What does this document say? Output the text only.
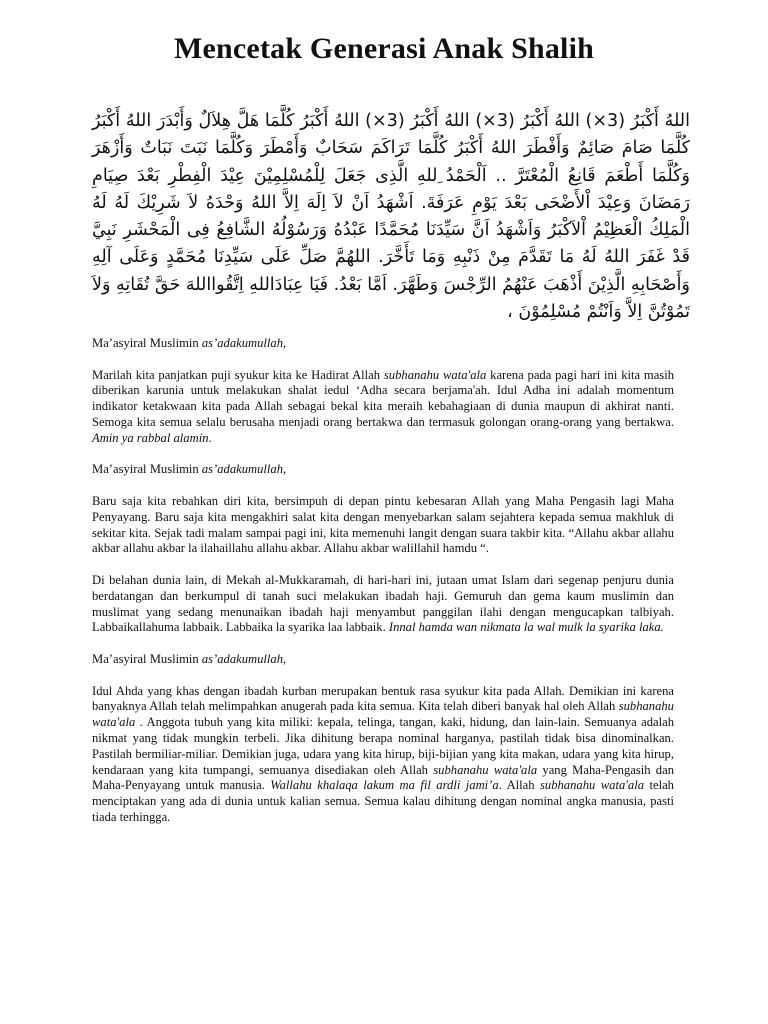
Mencetak Generasi Anak Shalih
اللهُ أَكْبَرُ (3×) اللهُ أَكْبَرُ (3×) اللهُ أَكْبَرُ (3×) اللهُ أَكْبَرُ كُلَّمَا هَلَّ هِلاَلٌ وَأَبْدَرَ اللهُ أَكْبَرُ كُلَّمَا صَامَ صَائِمٌ وَأَفْطَرَ اللهُ أَكْبَرُ كُلَّمَا تَرَاكَمَ سَحَابٌ وَأَمْطَرَ وَكُلَّمَا نَبَتَ نَبَاتٌ وَأَزْهَرَ وَكُلَّمَا أَطْعَمَ قَانِعُ الْمُعْتَرَّ .. اَلْحَمْدُ ِللهِ الَّذِى جَعَلَ لِلْمُسْلِمِيْنَ عِيْدَ الْفِطْرِ بَعْدَ صِيَامِ رَمَضَانَ وَعِيْدَ اْلأَضْحَى بَعْدَ يَوْمِ عَرَفَةَ. اَشْهَدُ اَنْ لاَ اِلَهَ اِلاَّ اللهُ وَحْدَهُ لاَ شَرِيْكَ لَهُ لَهُ الْمَلِكُ الْعَظِيْمُ اْلاَكْبَرُ وَاَشْهَدُ اَنَّ سَيِّدَنَا مُحَمَّدًا عَبْدُهُ وَرَسُوْلُهُ الشَّافِعُ فِى الْمَحْشَرِ نَبِيَّ قَدْ غَفَرَ اللهُ لَهُ مَا تَقَدَّمَ مِنْ ذَنْبِهِ وَمَا تَأَخَّرَ. اللهُمَّ صَلِّ عَلَى سَيِّدِنَا مُحَمَّدٍ وَعَلَى آلِهِ وَأَصْحَابِهِ الَّذِيْنَ أَذْهَبَ عَنْهُمُ الرِّجْسَ وَطَهَّرَ. اَمَّا بَعْدُ. فَيَا عِبَادَاللهِ اِتَّقُوااللهَ حَقَّ تُقَاتِهِ وَلاَ تَمُوْتُنَّ اِلاَّ وَاَنْتُمْ مُسْلِمُوْنَ ،

Ma’asyiral Muslimin as’adakumullah,

Marilah kita panjatkan puji syukur kita ke Hadirat Allah subhanahu wata'ala karena pada pagi hari ini kita masih diberikan karunia untuk melakukan shalat iedul ‘Adha secara berjama'ah. Idul Adha ini adalah momentum indikator ketakwaan kita pada Allah sebagai bekal kita meraih kebahagiaan di dunia maupun di akhirat nanti. Semoga kita semua selalu berusaha menjadi orang bertakwa dan termasuk golongan orang-orang yang bertakwa. Amin ya rabbal alamin.

Ma’asyiral Muslimin as’adakumullah,

Baru saja kita rebahkan diri kita, bersimpuh di depan pintu kebesaran Allah yang Maha Pengasih lagi Maha Penyayang. Baru saja kita mengakhiri salat kita dengan menyebarkan salam sejahtera kepada semua makhluk di sekitar kita. Sejak tadi malam sampai pagi ini, kita memenuhi langit dengan suara takbir kita. “Allahu akbar allahu akbar allahu akbar la ilahaillahu allahu akbar. Allahu akbar walillahil hamdu “.

Di belahan dunia lain, di Mekah al-Mukkaramah, di hari-hari ini, jutaan umat Islam dari segenap penjuru dunia berdatangan dan berkumpul di tanah suci melakukan ibadah haji. Gemuruh dan gema kaum muslimin dan muslimat yang sedang menunaikan ibadah haji menyambut panggilan ilahi dengan mengucapkan talbiyah. Labbaikallahuma labbaik. Labbaika la syarika laa labbaik. Innal hamda wan nikmata la wal mulk la syarika laka.

Ma’asyiral Muslimin as’adakumullah,

Idul Ahda yang khas dengan ibadah kurban merupakan bentuk rasa syukur kita pada Allah. Demikian ini karena banyaknya Allah telah melimpahkan anugerah pada kita semua. Kita telah diberi banyak hal oleh Allah subhanahu wata'ala . Anggota tubuh yang kita miliki: kepala, telinga, tangan, kaki, hidung, dan lain-lain. Semuanya adalah nikmat yang tidak mungkin terbeli. Jika dihitung berapa nominal harganya, pastilah tidak bisa dinominalkan. Pastilah bermiliar-miliar. Demikian juga, udara yang kita hirup, biji-bijian yang kita makan, udara yang kita hirup, kendaraan yang kita tumpangi, semuanya disediakan oleh Allah subhanahu wata'ala yang Maha-Pengasih dan Maha-Penyayang untuk manusia. Wallahu khalaqa lakum ma fil ardli jami’a. Allah subhanahu wata'ala telah menciptakan yang ada di dunia untuk kalian semua. Semua kalau dihitung dengan nominal angka manusia, pasti tiada terhingga.
